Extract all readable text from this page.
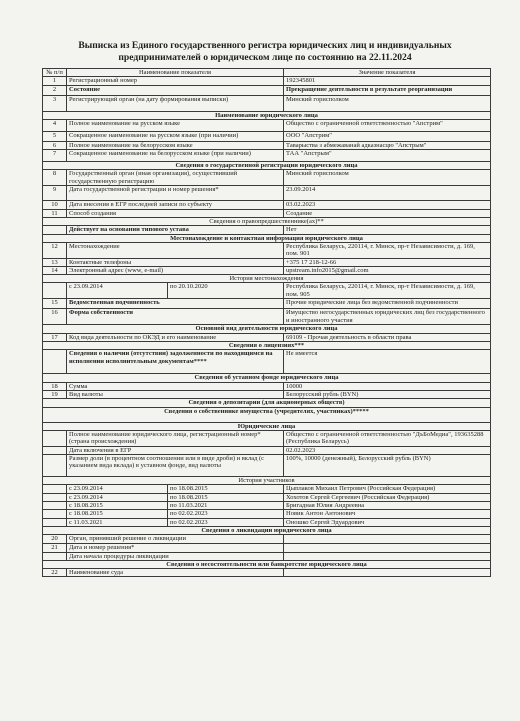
Выписка из Единого государственного регистра юридических лиц и индивидуальных предпринимателей о юридическом лице по состоянию на 22.11.2024
№ п/п	Наименование показателя		Значение показателя
1	Регистрационный номер		192345801
2	Состояние		Прекращение деятельности в результате реорганизации
3	Регистрирующий орган (на дату формирования выписки)		Минский горисполком
Наименование юридического лица			
4	Полное наименование на русском языке		Общество с ограниченной ответственностью "Апстрим"
5	Сокращенное наименование на русском языке (при наличии)		ООО "Апстрим"
6	Полное наименование на белорусском языке		Таварыства з абмежаванай адказнасцю "Апстрым"
7	Сокращенное наименование на белорусском языке (при наличии)		ТАА "Апстрым"
Сведения о государственной регистрации юридического лица			
8	Государственный орган (иная организация), осуществивший государственную регистрацию		Минский горисполком
9	Дата государственной регистрации и номер решения*		23.09.2014
10	Дата внесения в ЕГР последней записи по субъекту		03.02.2023
11	Способ создания		Создание
Сведения о правопредшественнике(ах)**			
	Действует на основании типового устава		Нет
Местонахождение и контактная информация юридического лица			
12	Местонахождение		Республика Беларусь, 220114, г. Минск, пр-т Независимости, д. 169, пом. 901
13	Контактные телефоны		+375 17 218-12-66
14	Электронный адрес (www, e-mail)		upstream.info2015@gmail.com
История местонахождения			
	с 23.09.2014	по 20.10.2020	Республика Беларусь, 220114, г. Минск, пр-т Независимости, д. 169, пом. 905
15	Ведомственная подчиненность		Прочие юридические лица без ведомственной подчиненности
16	Форма собственности		Имущество негосударственных юридических лиц без государственного и иностранного участия
Основной вид деятельности юридического лица			
17	Код вида деятельности по ОКЭД и его наименование		69109 - Прочая деятельность в области права
Сведения о лицензиях***			
	Сведения о наличии (отсутствии) задолженности по находящимся на исполнении исполнительным документам****		Не имеется
Сведения об уставном фонде юридического лица			
18	Сумма		10000
19	Вид валюты		Белорусский рубль (BYN)
Сведения о депозитарии (для акционерных обществ)			
Сведения о собственнике имущества (учредителях, участниках)*****			
Юридические лица			
	Полное наименование юридического лица, регистрационный номер* (страна происхождения)		Общество с ограниченной ответственностью "ДъБоМедиа", 193635288 (Республика Беларусь)
	Дата включения в ЕГР		02.02.2023
	Размер доли (в процентном соотношении или в виде дроби) и вклад (с указанием вида вклада) в уставном фонде, вид валюты		100%, 10000 (денежный), Белорусский рубль (BYN)
История участников			
	с 23.09.2014	по 18.08.2015	Цыплаков Михаил Петрович (Российская Федерация)
	с 23.09.2014	по 18.08.2015	Хохотов Сергей Сергеевич (Российская Федерация)
	с 18.08.2015	по 11.03.2021	Бригадная Юлия Андреевна
	с 18.08.2015	по 02.02.2023	Новик Антон Антонович
	с 11.03.2021	по 02.02.2023	Оношко Сергей Эдуардович
Сведения о ликвидации юридического лица			
20	Орган, принявший решение о ликвидации		
21	Дата и номер решения*		
	Дата начала процедуры ликвидации		
Сведения о несостоятельности или банкротстве юридического лица			
22	Наименование суда		
